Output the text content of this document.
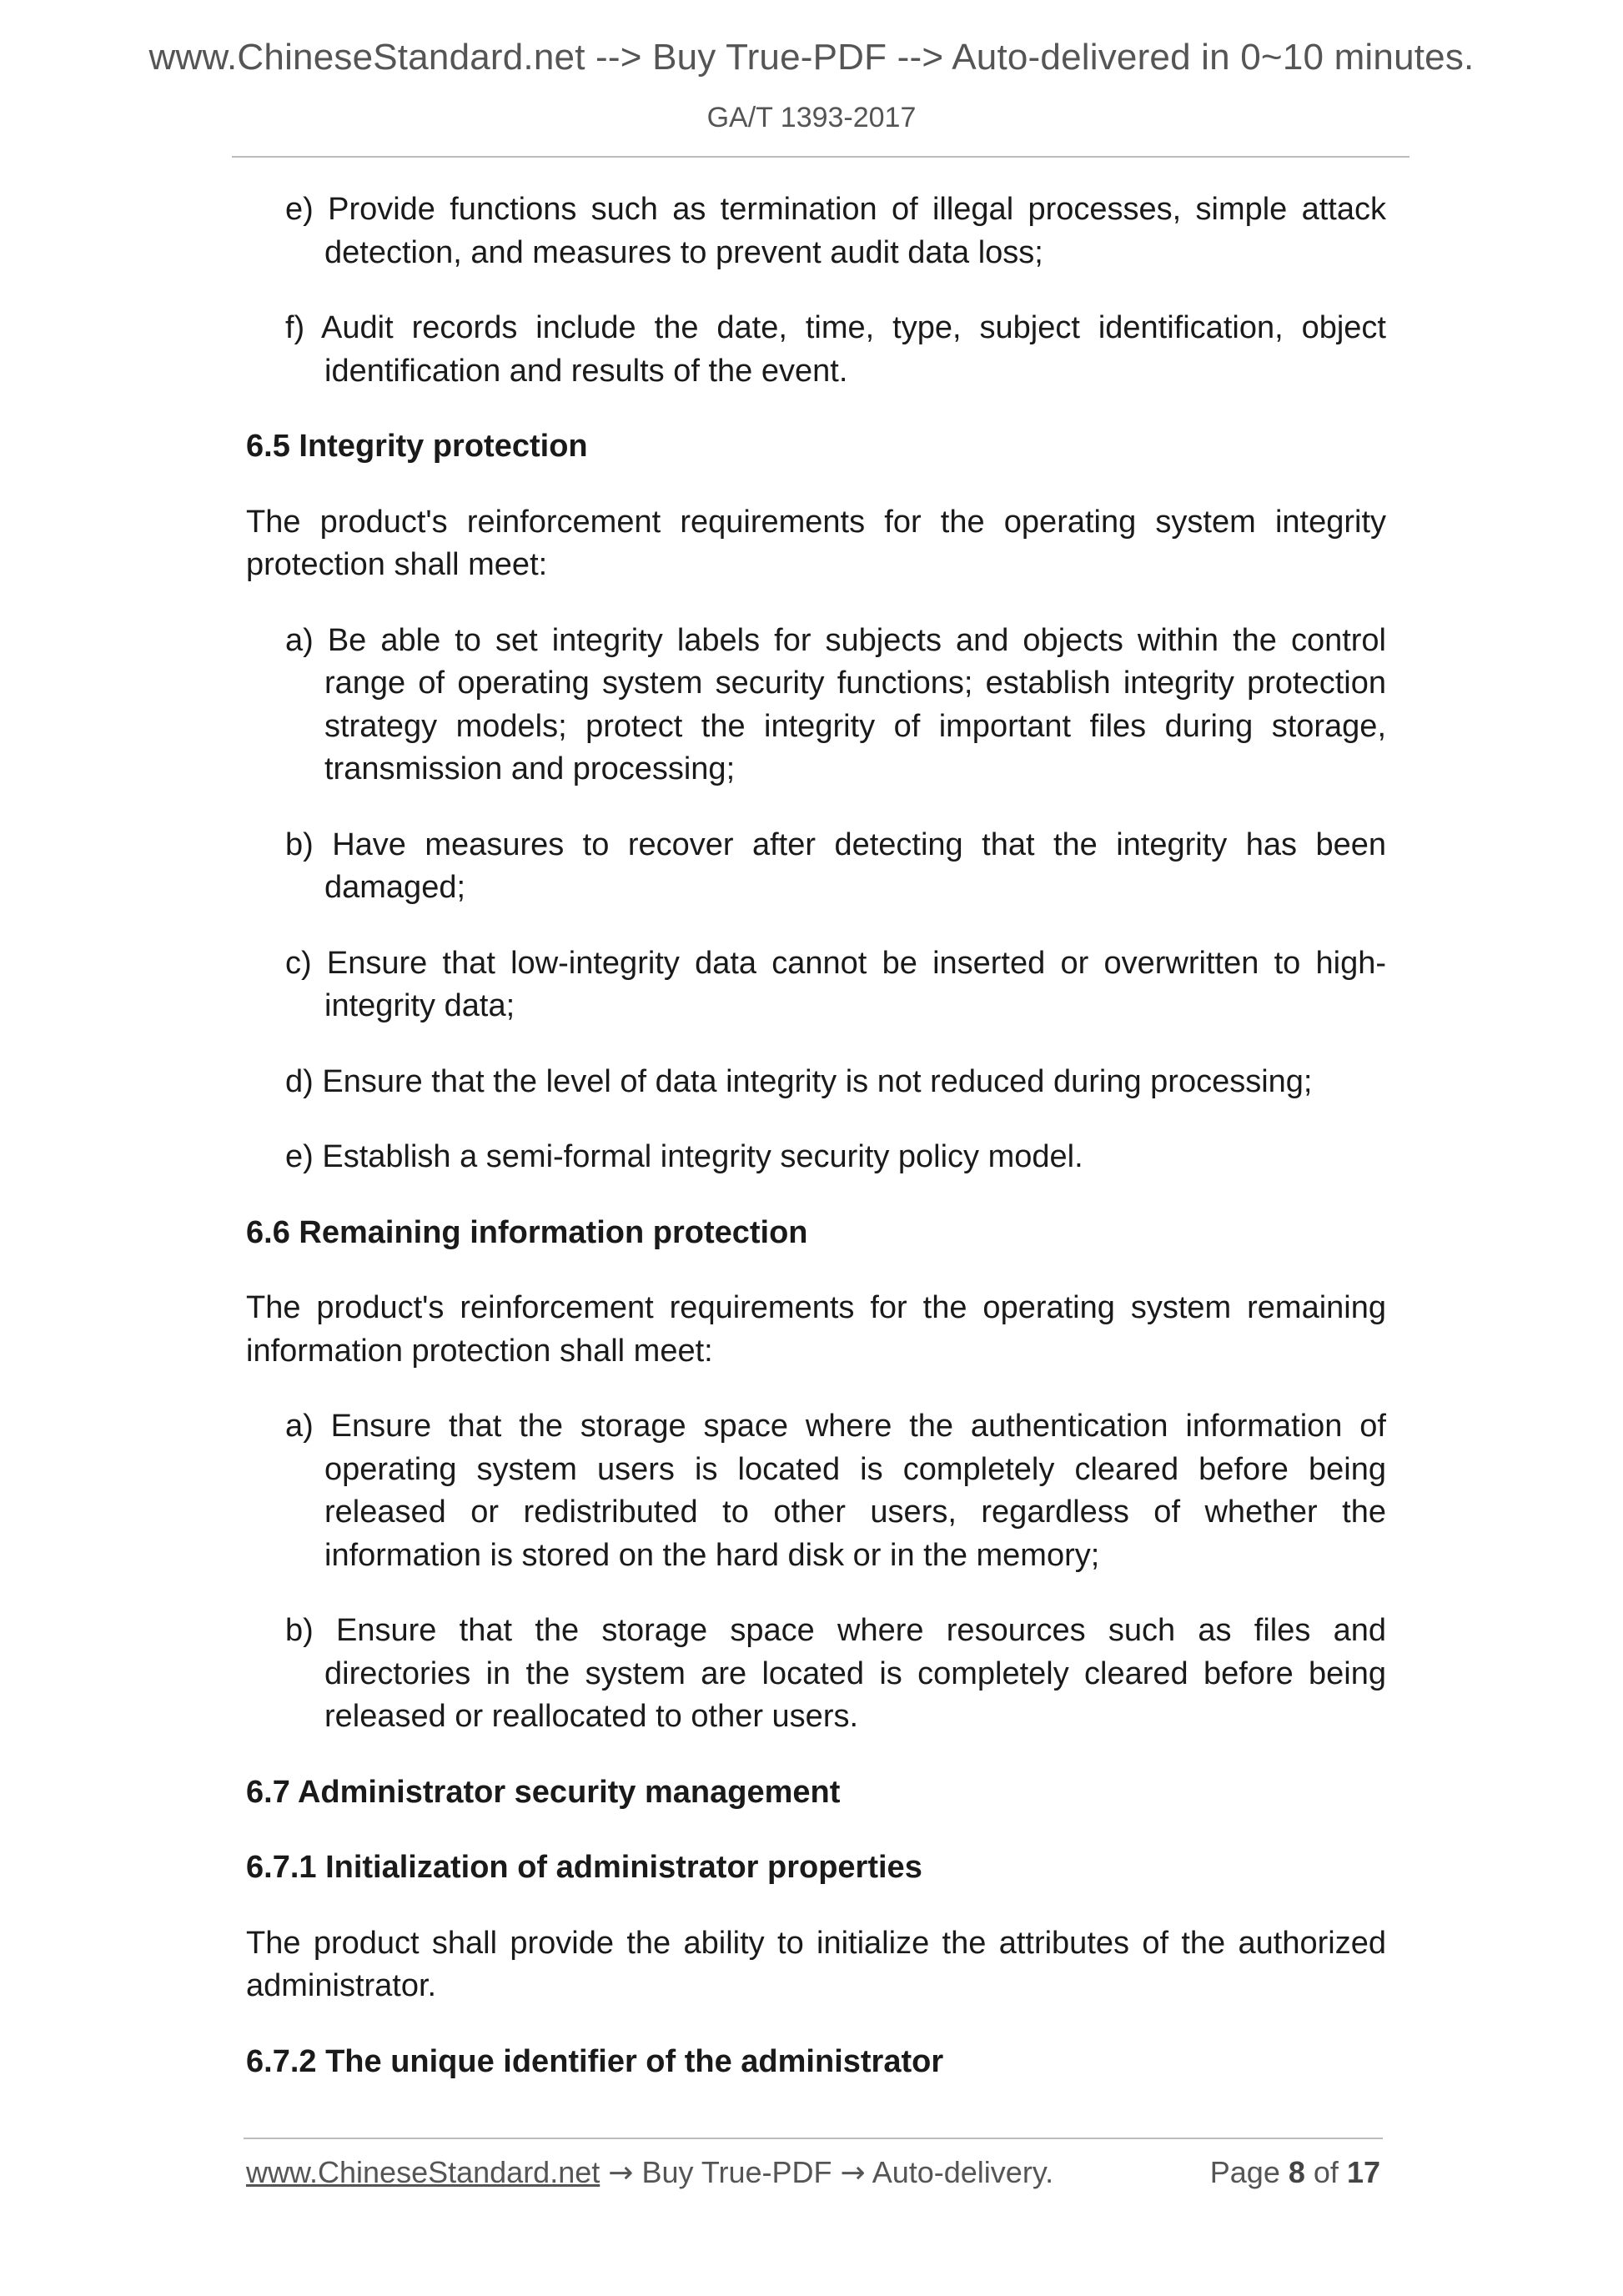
www.ChineseStandard.net --> Buy True-PDF --> Auto-delivered in 0~10 minutes.
GA/T 1393-2017

e) Provide functions such as termination of illegal processes, simple attack detection, and measures to prevent audit data loss;

f) Audit records include the date, time, type, subject identification, object identification and results of the event.

6.5 Integrity protection

The product's reinforcement requirements for the operating system integrity protection shall meet:

a) Be able to set integrity labels for subjects and objects within the control range of operating system security functions; establish integrity protection strategy models; protect the integrity of important files during storage, transmission and processing;

b) Have measures to recover after detecting that the integrity has been damaged;

c) Ensure that low-integrity data cannot be inserted or overwritten to high-integrity data;

d) Ensure that the level of data integrity is not reduced during processing;

e) Establish a semi-formal integrity security policy model.

6.6 Remaining information protection

The product's reinforcement requirements for the operating system remaining information protection shall meet:

a) Ensure that the storage space where the authentication information of operating system users is located is completely cleared before being released or redistributed to other users, regardless of whether the information is stored on the hard disk or in the memory;

b) Ensure that the storage space where resources such as files and directories in the system are located is completely cleared before being released or reallocated to other users.

6.7 Administrator security management

6.7.1 Initialization of administrator properties

The product shall provide the ability to initialize the attributes of the authorized administrator.

6.7.2 The unique identifier of the administrator

www.ChineseStandard.net → Buy True-PDF → Auto-delivery.	Page 8 of 17
